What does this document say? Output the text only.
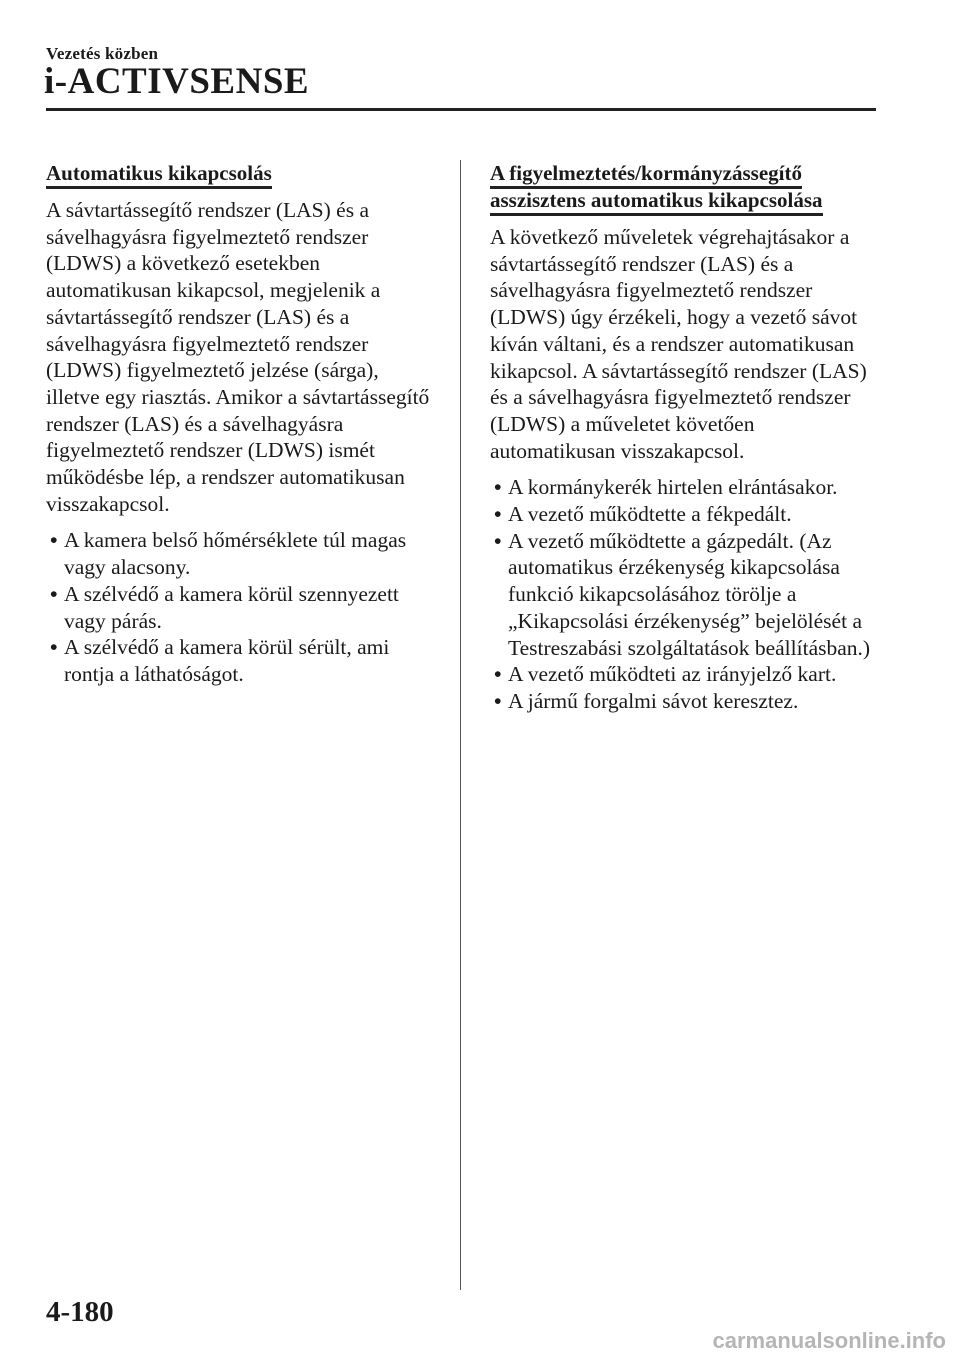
Vezetés közben
i-ACTIVSENSE
Automatikus kikapcsolás

A sávtartássegítő rendszer (LAS) és a sávelhagyásra figyelmeztető rendszer (LDWS) a következő esetekben automatikusan kikapcsol, megjelenik a sávtartássegítő rendszer (LAS) és a sávelhagyásra figyelmeztető rendszer (LDWS) figyelmeztető jelzése (sárga), illetve egy riasztás. Amikor a sávtartássegítő rendszer (LAS) és a sávelhagyásra figyelmeztető rendszer (LDWS) ismét működésbe lép, a rendszer automatikusan visszakapcsol.

• A kamera belső hőmérséklete túl magas vagy alacsony.
• A szélvédő a kamera körül szennyezett vagy párás.
• A szélvédő a kamera körül sérült, ami rontja a láthatóságot.
A figyelmeztetés/kormányzássegítő asszisztens automatikus kikapcsolása

A következő műveletek végrehajtásakor a sávtartássegítő rendszer (LAS) és a sávelhagyásra figyelmeztető rendszer (LDWS) úgy érzékeli, hogy a vezető sávot kíván váltani, és a rendszer automatikusan kikapcsol. A sávtartássegítő rendszer (LAS) és a sávelhagyásra figyelmeztető rendszer (LDWS) a műveletet követően automatikusan visszakapcsol.

• A kormánykerék hirtelen elrántásakor.
• A vezető működtette a fékpedált.
• A vezető működtette a gázpedált. (Az automatikus érzékenység kikapcsolása funkció kikapcsolásához törölje a „Kikapcsolási érzékenység” bejelölését a Testreszabási szolgáltatások beállításban.)
• A vezető működteti az irányjelző kart.
• A jármű forgalmi sávot keresztez.
4-180
carmanualsonline.info
